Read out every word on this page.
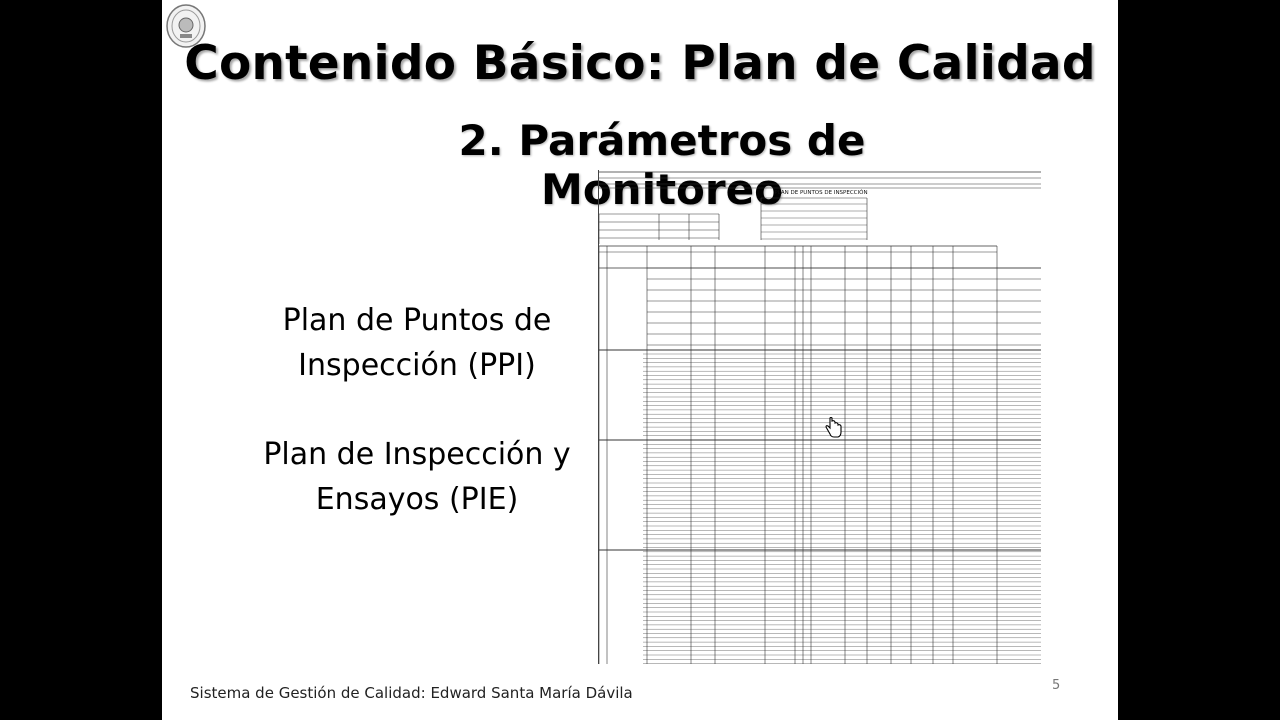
Contenido Básico: Plan de Calidad
2. Parámetros de Monitoreo
Plan de Puntos de
Inspección (PPI)
Plan de Inspección y
Ensayos (PIE)
PLAN DE PUNTOS DE INSPECCIÓN
Sistema de Gestión de Calidad: Edward Santa María Dávila	5
